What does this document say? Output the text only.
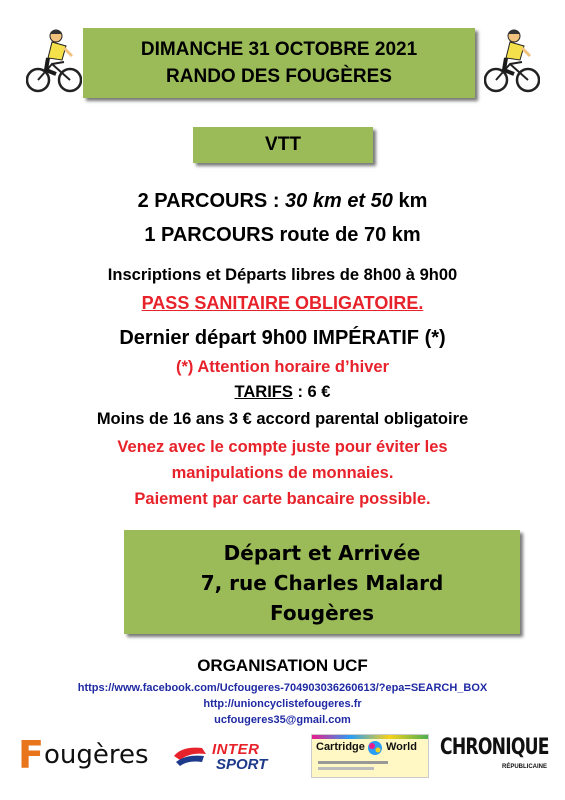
DIMANCHE 31 OCTOBRE 2021
RANDO DES FOUGÈRES
VTT
2 PARCOURS : 30 km et 50 km
1 PARCOURS route de 70 km
Inscriptions et Départs libres de 8h00 à 9h00
PASS SANITAIRE OBLIGATOIRE.
Dernier départ 9h00 IMPÉRATIF (*)
(*) Attention horaire d’hiver
TARIFS : 6 €
Moins de 16 ans 3 € accord parental obligatoire
Venez avec le compte juste pour éviter les
manipulations de monnaies.
Paiement par carte bancaire possible.
Départ et Arrivée
7, rue Charles Malard
Fougères
ORGANISATION UCF
https://www.facebook.com/Ucfougeres-704903036260613/?epa=SEARCH_BOX
http://unioncyclistefougeres.fr
ucfougeres35@gmail.com
F ougères	INTER
SPORT
Cartridge World CHRONIQUE
RÉPUBLICAINE
